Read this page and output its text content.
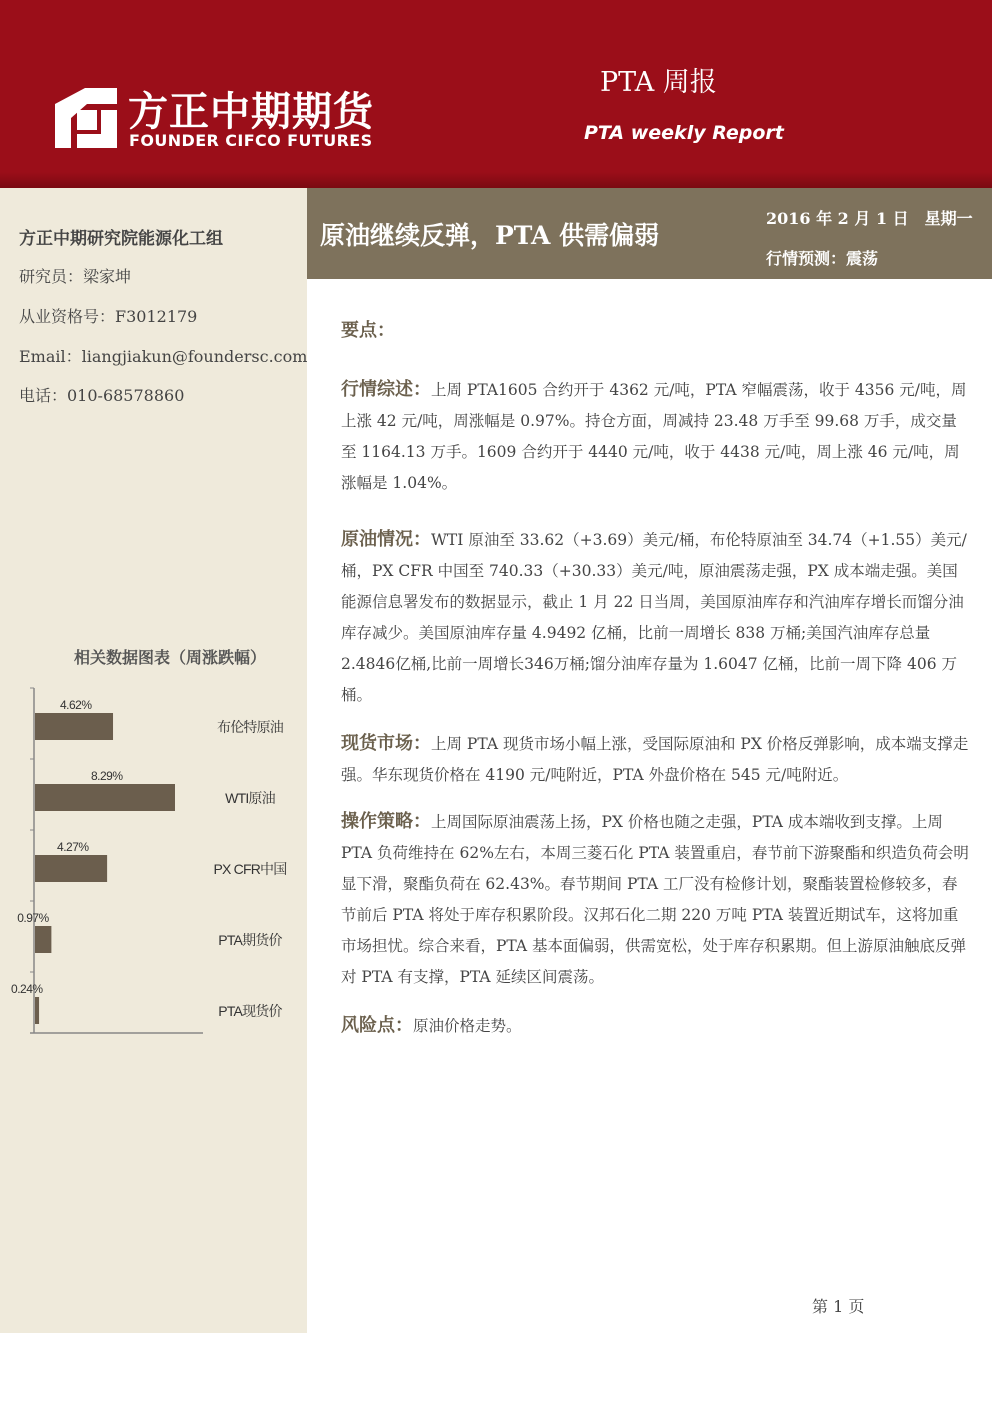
方正中期期货
FOUNDER CIFCO FUTURES
PTA 周报
PTA weekly Report
方正中期研究院能源化工组
研究员：梁家坤
从业资格号：F3012179
Email：liangjiakun@foundersc.com
电话：010-68578860
相关数据图表（周涨跌幅）
4.62%
布伦特原油
8.29%
WTI原油
4.27%
PX CFR中国
0.97%
PTA期货价
0.24%
PTA现货价
原油继续反弹，PTA 供需偏弱
2016 年 2 月 1 日　星期一
行情预测：震荡
要点：
行情综述：上周 PTA1605 合约开于 4362 元/吨，PTA 窄幅震荡，收于 4356 元/吨，周上涨 42 元/吨，周涨幅是 0.97%。持仓方面，周减持 23.48 万手至 99.68 万手，成交量至 1164.13 万手。1609 合约开于 4440 元/吨，收于 4438 元/吨，周上涨 46 元/吨，周涨幅是 1.04%。
原油情况：WTI 原油至 33.62（+3.69）美元/桶，布伦特原油至 34.74（+1.55）美元/桶，PX CFR 中国至 740.33（+30.33）美元/吨，原油震荡走强，PX 成本端走强。美国能源信息署发布的数据显示，截止 1 月 22 日当周，美国原油库存和汽油库存增长而馏分油库存减少。美国原油库存量 4.9492 亿桶，比前一周增长 838 万桶;美国汽油库存总量2.4846亿桶,比前一周增长346万桶;馏分油库存量为 1.6047 亿桶，比前一周下降 406 万桶。
现货市场：上周 PTA 现货市场小幅上涨，受国际原油和 PX 价格反弹影响，成本端支撑走强。华东现货价格在 4190 元/吨附近，PTA 外盘价格在 545 元/吨附近。
操作策略：上周国际原油震荡上扬，PX 价格也随之走强，PTA 成本端收到支撑。上周 PTA 负荷维持在 62%左右，本周三菱石化 PTA 装置重启，春节前下游聚酯和织造负荷会明显下滑，聚酯负荷在 62.43%。春节期间 PTA 工厂没有检修计划，聚酯装置检修较多，春节前后 PTA 将处于库存积累阶段。汉邦石化二期 220 万吨 PTA 装置近期试车，这将加重市场担忧。综合来看，PTA 基本面偏弱，供需宽松，处于库存积累期。但上游原油触底反弹对 PTA 有支撑，PTA 延续区间震荡。
风险点：原油价格走势。
第 1 页
